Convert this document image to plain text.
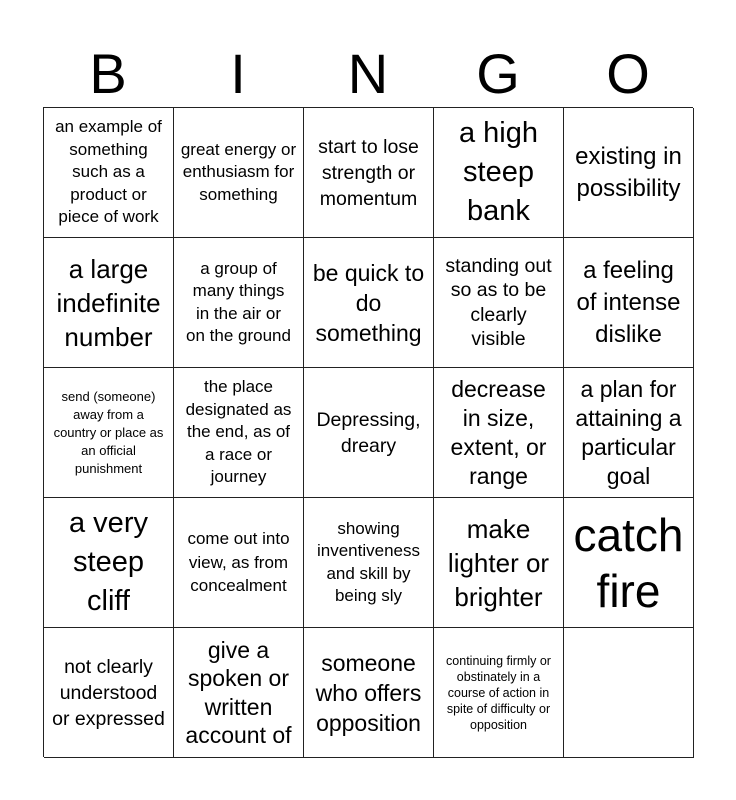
B	I	N	G	O
an example of something such as a product or piece of work
great energy or enthusiasm for something
start to lose strength or momentum
a high steep bank
existing in possibility
a large indefinite number
a group of many things in the air or on the ground
be quick to do something
standing out so as to be clearly visible
a feeling of intense dislike
send (someone) away from a country or place as an official punishment
the place designated as the end, as of a race or journey
Depressing, dreary
decrease in size, extent, or range
a plan for attaining a particular goal
a very steep cliff
come out into view, as from concealment
showing inventiveness and skill by being sly
make lighter or brighter
catch fire
not clearly understood or expressed
give a spoken or written account of
someone who offers opposition
continuing firmly or obstinately in a course of action in spite of difficulty or opposition
